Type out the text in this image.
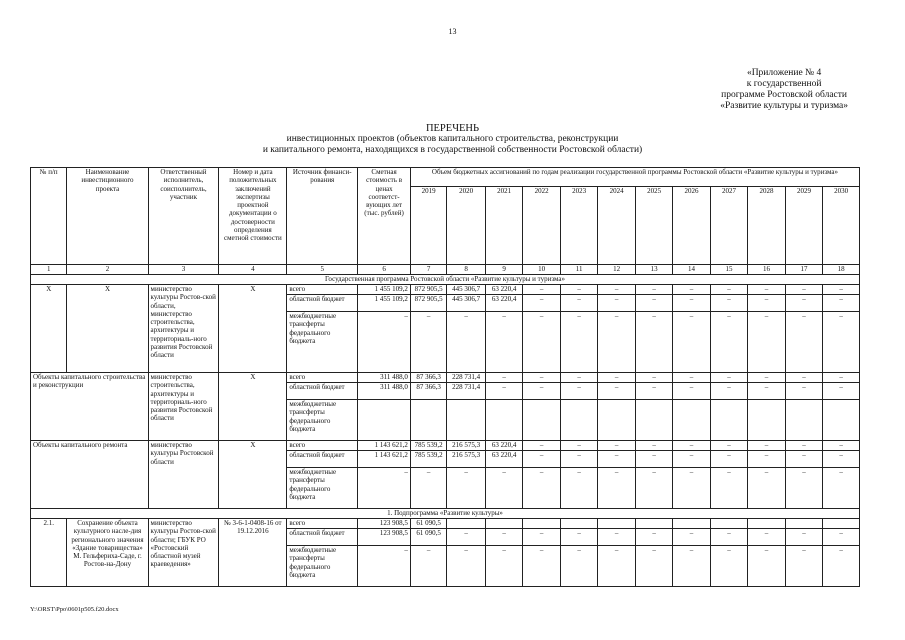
13
«Приложение № 4
к государственной
программе Ростовской области
«Развитие культуры и туризма»
ПЕРЕЧЕНЬ
инвестиционных проектов (объектов капитального строительства, реконструкции
и капитального ремонта, находящихся в государственной собственности Ростовской области)
№ п/п	Наименование инвестиционного проекта	Ответственный исполнитель, соисполнитель, участник	Номер и дата положительных заключений экспертизы проектной документации о достоверности определения сметной стоимости	Источник финанси-рования	Сметная стоимость в ценах соответст-вующих лет (тыс. рублей)	Объем бюджетных ассигнований по годам реализации государственной программы Ростовской области «Развитие культуры и туризма»											
						2019	2020	2021	2022	2023	2024	2025	2026	2027	2028	2029	2030
1	2	3	4	5	6	7	8	9	10	11	12	13	14	15	16	17	18
Государственная программа Ростовской области «Развитие культуры и туризма»																	
X	X	министерство культуры Ростов-ской области, министерство строительства, архитектуры и территориаль-ного развития Ростовской области	X	всего	1 455 109,2	872 905,5	445 306,7	63 220,4	–	–	–	–	–	–	–	–	–
				областной бюджет	1 455 109,2	872 905,5	445 306,7	63 220,4	–	–	–	–	–	–	–	–	–
				межбюджетные трансферты федерального бюджета	–	–	–	–	–	–	–	–	–	–	–	–	–
Объекты капитального строительства и реконструкции		министерство строительства, архитектуры и территориаль-ного развития Ростовской области	X	всего	311 488,0	87 366,3	228 731,4	–	–	–	–	–	–	–	–	–	–
				областной бюджет	311 488,0	87 366,3	228 731,4	–	–	–	–	–	–	–	–	–	–
				межбюджетные трансферты федерального бюджета													
Объекты капитального ремонта		министерство культуры Ростовской области	X	всего	1 143 621,2	785 539,2	216 575,3	63 220,4	–	–	–	–	–	–	–	–	–
				областной бюджет	1 143 621,2	785 539,2	216 575,3	63 220,4	–	–	–	–	–	–	–	–	–
				межбюджетные трансферты федерального бюджета	–	–	–	–	–	–	–	–	–	–	–	–	–
1. Подпрограмма «Развитие культуры»																	
2.1.	Сохранение объекта культурного насле-дия регионального значения «Здание товарищества» М. Гельфериха-Саде, г. Ростов-на-Дону	министерство культуры Ростов-ской области; ГБУК РО «Ростовский областной музей краеведения»	№ 3-6-1-0408-16 от 19.12.2016	всего	123 908,5	61 090,5											
				областной бюджет	123 908,5	61 090,5	–	–	–	–	–	–	–	–	–	–	–
				межбюджетные трансферты федерального бюджета	–	–	–	–	–	–	–	–	–	–	–	–	–
Y:\ORST\Ppo\0601p505.f20.docx
